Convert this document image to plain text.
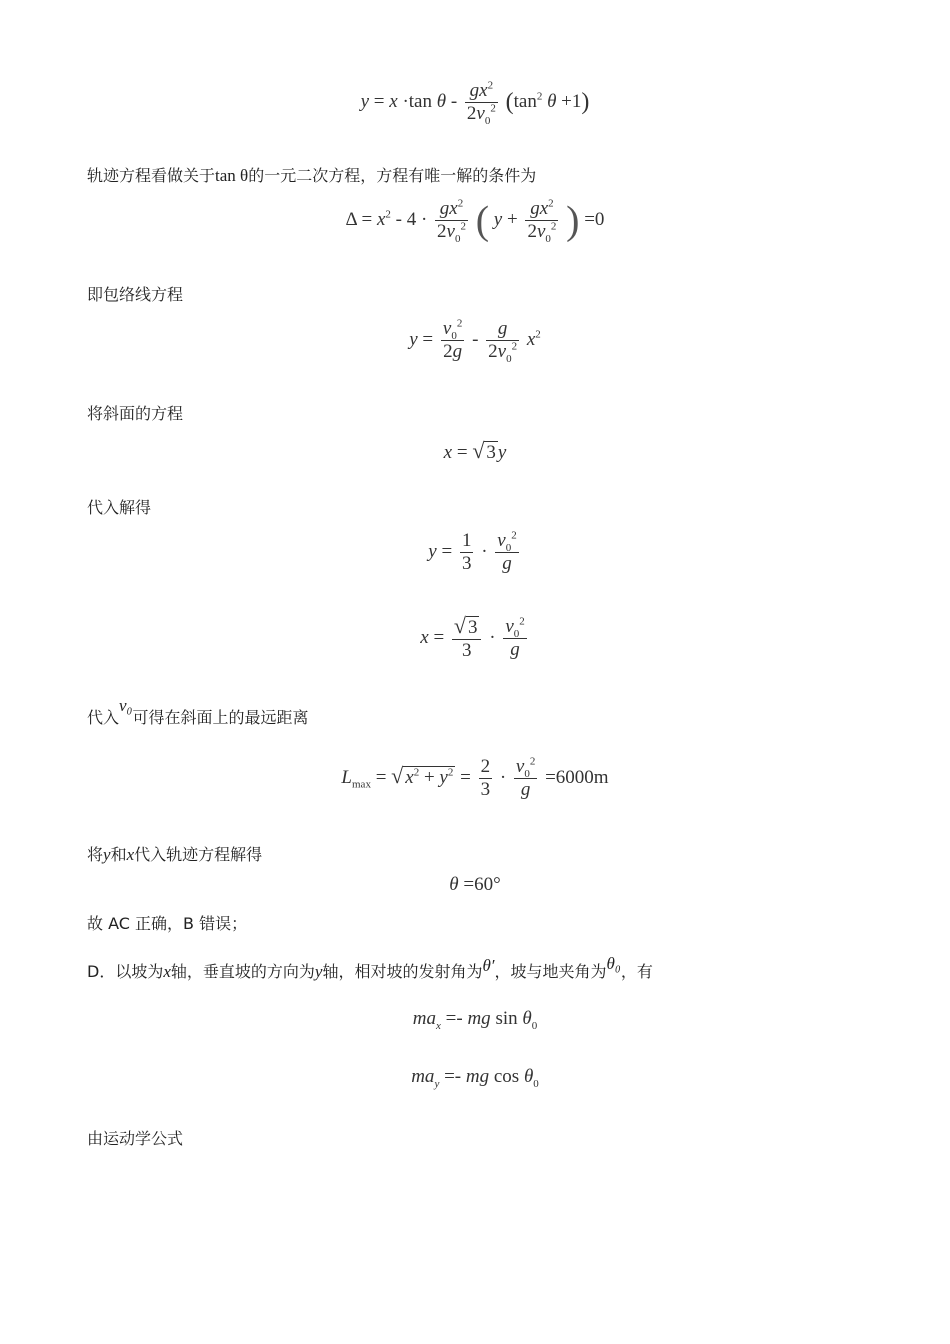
y = x ·tan θ - $\frac{gx^2}{2v_0^2} (\tan^2$ θ +1)
轨迹方程看做关于tan θ的一元二次方程，方程有唯一解的条件为
$\Delta = x^2 - 4 \cdot \frac{gx^2}{2v_0^2}$ ( $y + \frac{gx^2}{2v_0^2}$ ) =0
即包络线方程
$y = \frac{v_0^2}{2g} - \frac{g}{2v_0^2} x^2$
将斜面的方程
x = √ 3 y
代入解得
$y = \frac{1}{3} \cdot \frac{v_0^2}{g}$
$x = \frac{√ 3}{3} \cdot \frac{v_0^2}{g}$
代入v₀可得在斜面上的最远距离
$L_{max}$ = √ $x^2 + y^2 = \frac{2}{3} \cdot \frac{v_0^2}{g} =6000m$
将y和x代入轨迹方程解得
θ =60°
故 AC 正确，B 错误；
D．以坡为x轴，垂直坡的方向为y轴，相对坡的发射角为θ′，坡与地夹角为θ₀，有
$ma_x$ =- mg $\sin \theta_0$
$ma_y$ =- mg $\cos \theta_0$
由运动学公式
